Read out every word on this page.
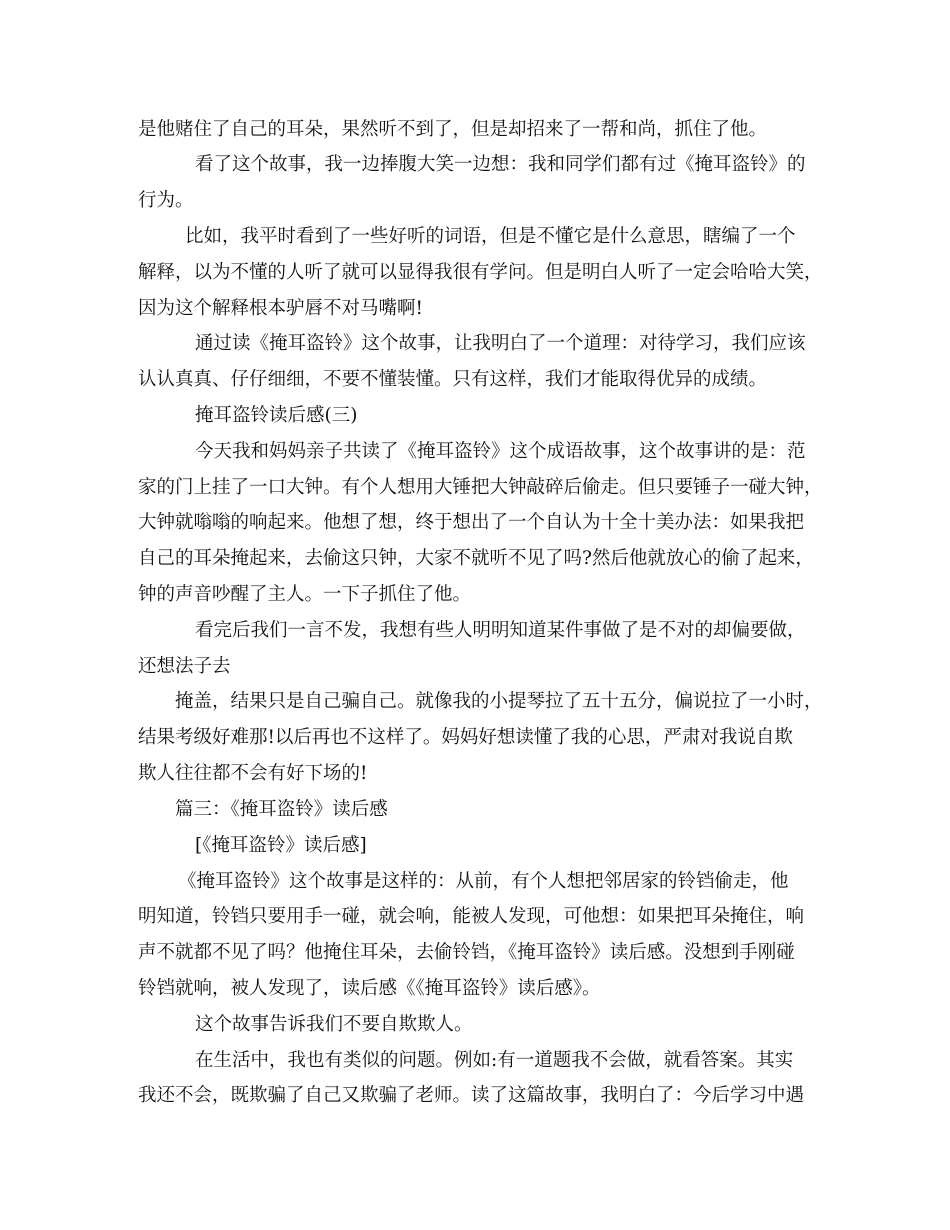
是他赌住了自己的耳朵，果然听不到了，但是却招来了一帮和尚，抓住了他。
看了这个故事，我一边捧腹大笑一边想：我和同学们都有过《掩耳盗铃》的
行为。
比如，我平时看到了一些好听的词语，但是不懂它是什么意思，瞎编了一个
解释，以为不懂的人听了就可以显得我很有学问。但是明白人听了一定会哈哈大笑，
因为这个解释根本驴唇不对马嘴啊!
通过读《掩耳盗铃》这个故事，让我明白了一个道理：对待学习，我们应该
认认真真、仔仔细细，不要不懂装懂。只有这样，我们才能取得优异的成绩。
掩耳盗铃读后感(三)
今天我和妈妈亲子共读了《掩耳盗铃》这个成语故事，这个故事讲的是：范
家的门上挂了一口大钟。有个人想用大锤把大钟敲碎后偷走。但只要锤子一碰大钟，
大钟就嗡嗡的响起来。他想了想，终于想出了一个自认为十全十美办法：如果我把
自己的耳朵掩起来，去偷这只钟，大家不就听不见了吗?然后他就放心的偷了起来，
钟的声音吵醒了主人。一下子抓住了他。
看完后我们一言不发，我想有些人明明知道某件事做了是不对的却偏要做，
还想法子去
掩盖，结果只是自己骗自己。就像我的小提琴拉了五十五分，偏说拉了一小时，
结果考级好难那!以后再也不这样了。妈妈好想读懂了我的心思，严肃对我说自欺
欺人往往都不会有好下场的!
篇三：《掩耳盗铃》读后感
[《掩耳盗铃》读后感]
《掩耳盗铃》这个故事是这样的：从前，有个人想把邻居家的铃铛偷走，他
明知道，铃铛只要用手一碰，就会响，能被人发现，可他想：如果把耳朵掩住，响
声不就都不见了吗？他掩住耳朵，去偷铃铛，《掩耳盗铃》读后感。没想到手刚碰
铃铛就响，被人发现了，读后感《《掩耳盗铃》读后感》。
这个故事告诉我们不要自欺欺人。
在生活中，我也有类似的问题。例如:有一道题我不会做，就看答案。其实
我还不会，既欺骗了自己又欺骗了老师。读了这篇故事，我明白了：今后学习中遇
